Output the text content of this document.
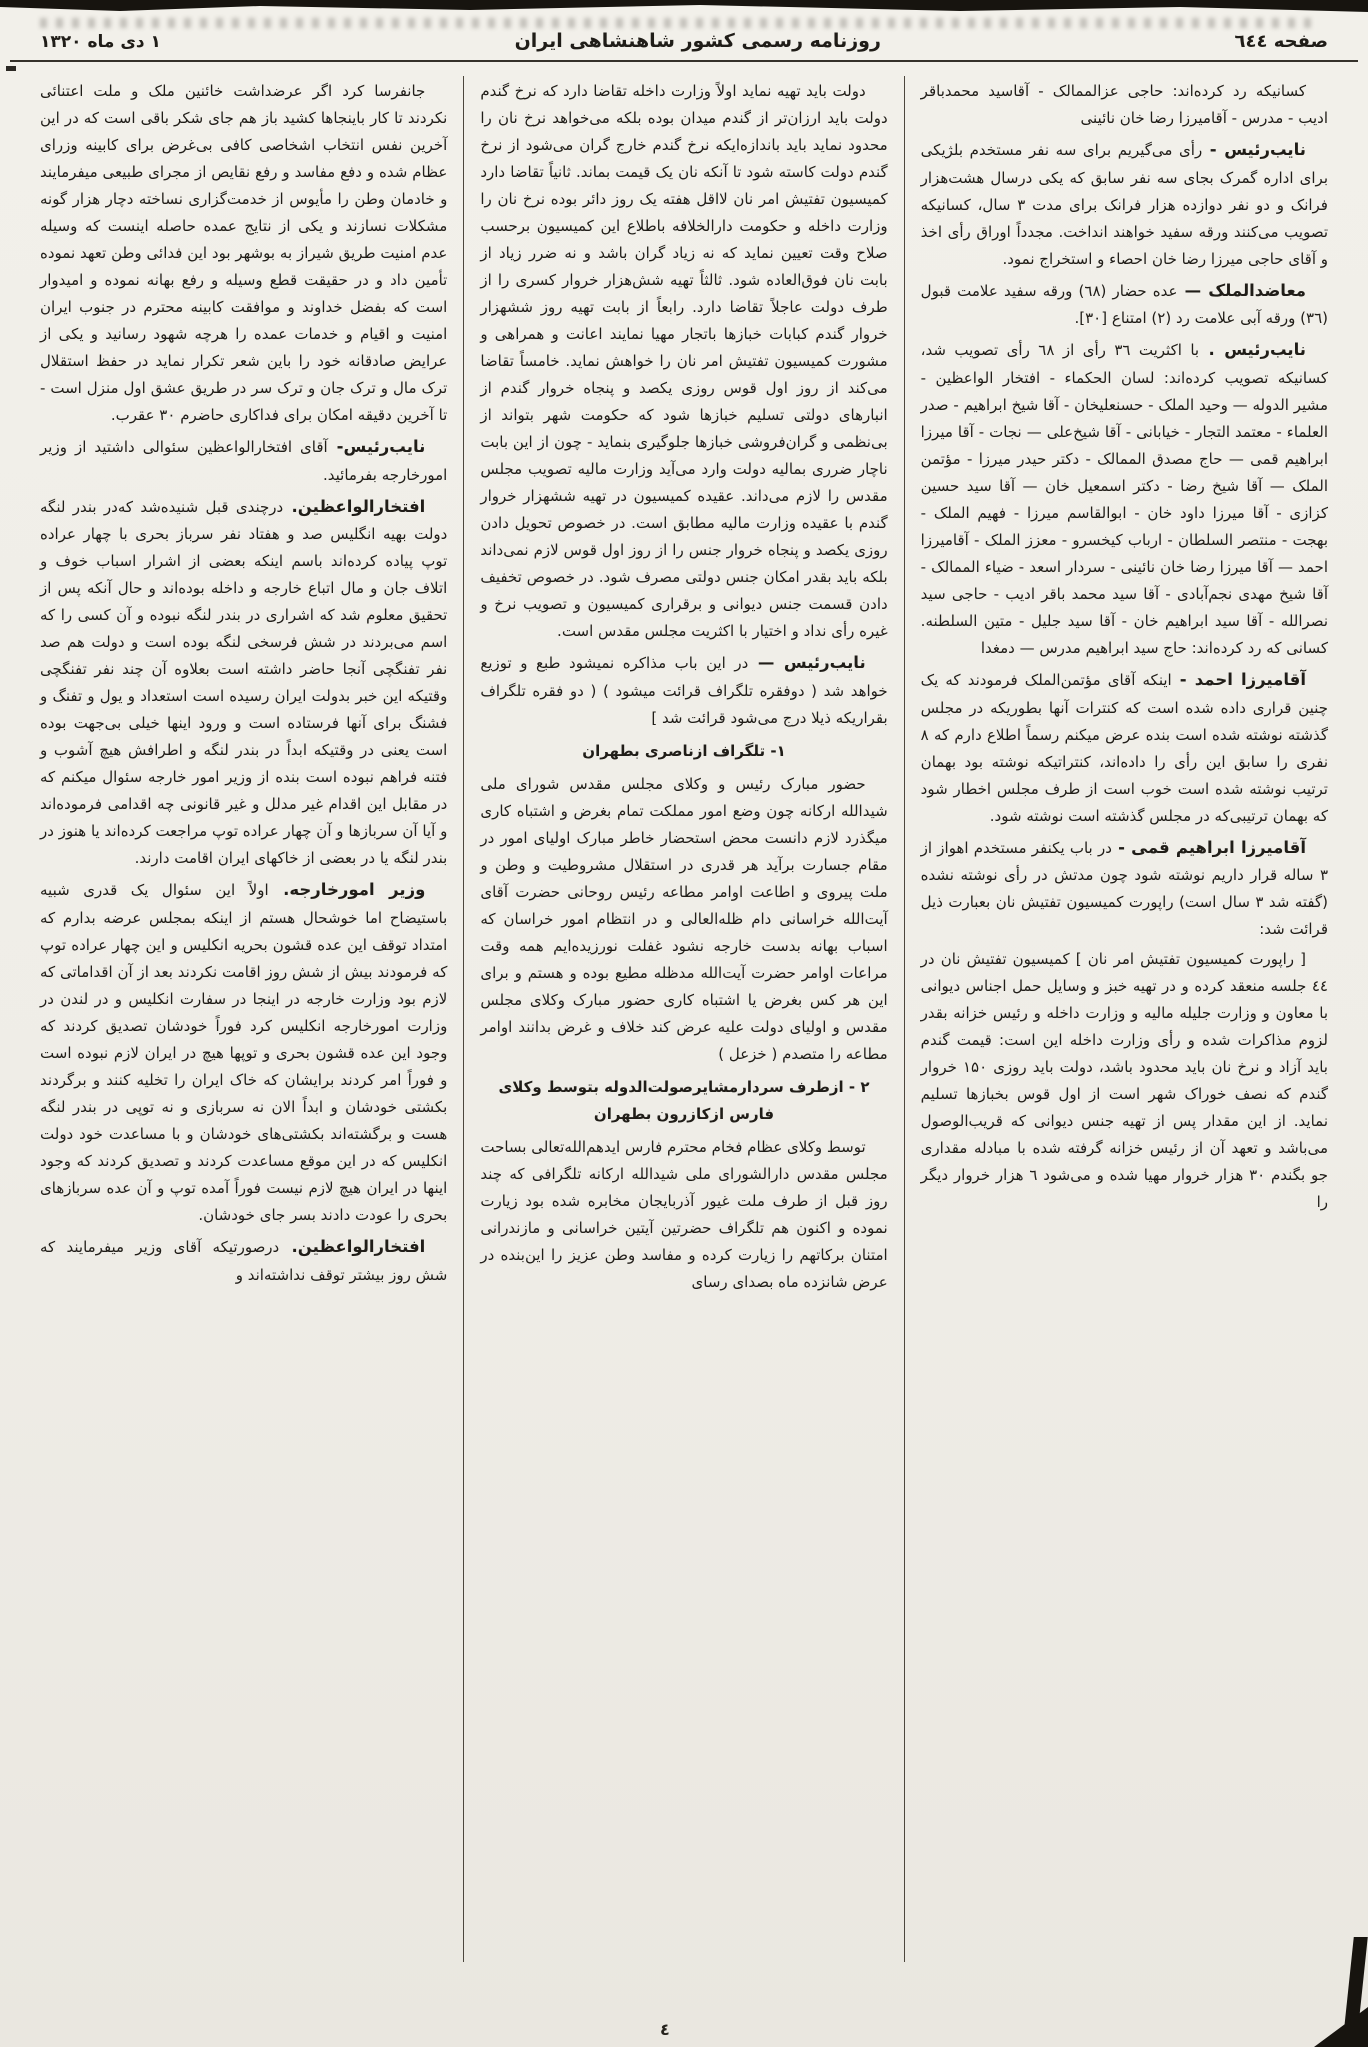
صفحه ٦٤٤
روزنامه رسمی کشور شاهنشاهی ایران
۱ دی ماه ۱۳۲۰

کسانیکه رد کرده‌اند: حاجی عزالممالک - آقاسید محمدباقر ادیب - مدرس - آقامیرزا رضا خان نائینی

نایب‌رئیس - رأی می‌گیریم برای سه نفر مستخدم بلژیکی برای اداره گمرک بجای سه نفر سابق که یکی درسال هشت‌هزار فرانک و دو نفر دوازده هزار فرانک برای مدت ۳ سال، کسانیکه تصویب می‌کنند ورقه سفید خواهند انداخت. مجدداً اوراق رأی اخذ و آقای حاجی میرزا رضا خان احصاء و استخراج نمود.

معاضدالملک — عده حضار (٦٨) ورقه سفید علامت قبول (٣٦) ورقه آبی علامت رد (٢) امتناع [۳۰].

نایب‌رئیس . با اکثریت ٣٦ رأی از ٦٨ رأی تصویب شد، کسانیکه تصویب کرده‌اند: لسان الحکماء - افتخار الواعظین - مشیر الدوله — وحید الملک - حسنعلیخان - آقا شیخ ابراهیم - صدر العلماء - معتمد التجار - خیابانی - آقا شیخ‌علی — نجات - آقا میرزا ابراهیم قمی — حاج مصدق الممالک - دکتر حیدر میرزا - مؤتمن الملک — آقا شیخ رضا - دکتر اسمعیل خان — آقا سید حسین کزازی - آقا میرزا داود خان - ابوالقاسم میرزا - فهیم الملک - بهجت - منتصر السلطان - ارباب کیخسرو - معزز الملک - آقامیرزا احمد — آقا میرزا رضا خان نائینی - سردار اسعد - ضیاء الممالک - آقا شیخ مهدی نجم‌آبادی - آقا سید محمد باقر ادیب - حاجی سید نصرالله - آقا سید ابراهیم خان - آقا سید جلیل - متین السلطنه. کسانی که رد کرده‌اند: حاج سید ابراهیم مدرس — دمغدا

آقامیرزا احمد - اینکه آقای مؤتمن‌الملک فرمودند که یک چنین قراری داده شده است که کنترات آنها بطوریکه در مجلس گذشته نوشته شده است بنده عرض میکنم رسماً اطلاع دارم که ۸ نفری را سابق این رأی را داده‌اند، کنتراتیکه نوشته بود بهمان ترتیب نوشته شده است خوب است از طرف مجلس اخطار شود که بهمان ترتیبی‌که در مجلس گذشته است نوشته شود.

آقامیرزا ابراهیم قمی - در باب یکنفر مستخدم اهواز از ۳ ساله قرار داریم نوشته شود چون مدتش در رأی نوشته نشده (گفته شد ۳ سال است) راپورت کمیسیون تفتیش نان بعبارت ذیل قرائت شد:

[ راپورت کمیسیون تفتیش امر نان ] کمیسیون تفتیش نان در ٤٤ جلسه منعقد کرده و در تهیه خبز و وسایل حمل اجناس دیوانی با معاون و وزارت جلیله مالیه و وزارت داخله و رئیس خزانه بقدر لزوم مذاکرات شده و رأی وزارت داخله این است: قیمت گندم باید آزاد و نرخ نان باید محدود باشد، دولت باید روزی ۱۵۰ خروار گندم که نصف خوراک شهر است از اول قوس بخبازها تسلیم نماید. از این مقدار پس از تهیه جنس دیوانی که قریب‌الوصول می‌باشد و تعهد آن از رئیس خزانه گرفته شده با مبادله مقداری جو بگندم ۳۰ هزار خروار مهیا شده و می‌شود ٦ هزار خروار دیگر را

دولت باید تهیه نماید اولاً وزارت داخله تقاضا دارد که نرخ گندم دولت باید ارزان‌تر از گندم میدان بوده بلکه می‌خواهد نرخ نان را محدود نماید باید باندازه‌ایکه نرخ گندم خارج گران می‌شود از نرخ گندم دولت کاسته شود تا آنکه نان یک قیمت بماند. ثانیاً تقاضا دارد کمیسیون تفتیش امر نان لااقل هفته یک روز دائر بوده نرخ نان را وزارت داخله و حکومت دارالخلافه باطلاع این کمیسیون برحسب صلاح وقت تعیین نماید که نه زیاد گران باشد و نه ضرر زیاد از بابت نان فوق‌العاده شود. ثالثاً تهیه شش‌هزار خروار کسری را از طرف دولت عاجلاً تقاضا دارد. رابعاً از بابت تهیه روز ششهزار خروار گندم کبابات خبازها باتجار مهیا نمایند اعانت و همراهی و مشورت کمیسیون تفتیش امر نان را خواهش نماید. خامساً تقاضا می‌کند از روز اول قوس روزی یکصد و پنجاه خروار گندم از انبارهای دولتی تسلیم خبازها شود که حکومت شهر بتواند از بی‌نظمی و گران‌فروشی خبازها جلوگیری بنماید - چون از این بابت ناچار ضرری بمالیه دولت وارد می‌آید وزارت مالیه تصویب مجلس مقدس را لازم می‌داند. عقیده کمیسیون در تهیه ششهزار خروار گندم با عقیده وزارت مالیه مطابق است. در خصوص تحویل دادن روزی یکصد و پنجاه خروار جنس را از روز اول قوس لازم نمی‌داند بلکه باید بقدر امکان جنس دولتی مصرف شود. در خصوص تخفیف دادن قسمت جنس دیوانی و برقراری کمیسیون و تصویب نرخ و غیره رأی نداد و اختیار با اکثریت مجلس مقدس است.

نایب‌رئیس — در این باب مذاکره نمیشود طبع و توزیع خواهد شد ( دوفقره تلگراف قرائت میشود ) ( دو فقره تلگراف بقراریکه ذیلا درج می‌شود قرائت شد ]

۱- تلگراف ازناصری بطهران

حضور مبارک رئیس و وکلای مجلس مقدس شورای ملی شیدالله ارکانه چون وضع امور مملکت تمام بغرض و اشتباه کاری میگذرد لازم دانست محض استحضار خاطر مبارک اولیای امور در مقام جسارت برآید هر قدری در استقلال مشروطیت و وطن و ملت پیروی و اطاعت اوامر مطاعه رئیس روحانی حضرت آقای آیت‌الله خراسانی دام ظله‌العالی و در انتظام امور خراسان که اسباب بهانه بدست خارجه نشود غفلت نورزیده‌ایم همه وقت مراعات اوامر حضرت آیت‌الله مدظله مطیع بوده و هستم و برای این هر کس بغرض یا اشتباه کاری حضور مبارک وکلای مجلس مقدس و اولیای دولت علیه عرض کند خلاف و غرض بدانند اوامر مطاعه را متصدم ( خزعل )

۲ - ازطرف سردارمشایرصولت‌الدوله بتوسط وکلای فارس ازکازرون بطهران

توسط وکلای عظام فخام محترم فارس ایدهم‌الله‌تعالی بساحت مجلس مقدس دارالشورای ملی شیدالله ارکانه تلگرافی که چند روز قبل از طرف ملت غیور آذربایجان مخابره شده بود زیارت نموده و اکنون هم تلگراف حضرتین آیتین خراسانی و مازندرانی امتنان برکاتهم را زیارت کرده و مفاسد وطن عزیز را این‌بنده در عرض شانزده ماه بصدای رسای

جانفرسا کرد اگر عرضداشت خائنین ملک و ملت اعتنائی نکردند تا کار باینجاها کشید باز هم جای شکر باقی است که در این آخرین نفس انتخاب اشخاصی کافی بی‌غرض برای کابینه وزرای عظام شده و دفع مفاسد و رفع نقایص از مجرای طبیعی میفرمایند و خادمان وطن را مأیوس از خدمت‌گزاری نساخته دچار هزار گونه مشکلات نسازند و یکی از نتایج عمده حاصله اینست که وسیله عدم امنیت طریق شیراز به بوشهر بود این فدائی وطن تعهد نموده تأمین داد و در حقیقت قطع وسیله و رفع بهانه نموده و امیدوار است که بفضل خداوند و موافقت کابینه محترم در جنوب ایران امنیت و اقیام و خدمات عمده را هرچه شهود رسانید و یکی از عرایض صادقانه خود را باین شعر تکرار نماید در حفظ استقلال ترک مال و ترک جان و ترک سر در طریق عشق اول منزل است - تا آخرین دقیقه امکان برای فداکاری حاضرم ۳۰ عقرب.

نایب‌رئیس- آقای افتخارالواعظین سئوالی داشتید از وزیر امورخارجه بفرمائید.

افتخارالواعظین. درچندی قبل شنیده‌شد که‌در بندر لنگه دولت بهیه انگلیس صد و هفتاد نفر سرباز بحری با چهار عراده توپ پیاده کرده‌اند باسم اینکه بعضی از اشرار اسباب خوف و اتلاف جان و مال اتباع خارجه و داخله بوده‌اند و حال آنکه پس از تحقیق معلوم شد که اشراری در بندر لنگه نبوده و آن کسی را که اسم می‌بردند در شش فرسخی لنگه بوده است و دولت هم صد نفر تفنگچی آنجا حاضر داشته است بعلاوه آن چند نفر تفنگچی وقتیکه این خبر بدولت ایران رسیده است استعداد و یول و تفنگ و فشنگ برای آنها فرستاده است و ورود اینها خیلی بی‌جهت بوده است یعنی در وقتیکه ابداً در بندر لنگه و اطرافش هیچ آشوب و فتنه فراهم نبوده است بنده از وزیر امور خارجه سئوال میکنم که در مقابل این اقدام غیر مدلل و غیر قانونی چه اقدامی فرموده‌اند و آیا آن سربازها و آن چهار عراده توپ مراجعت کرده‌اند یا هنوز در بندر لنگه یا در بعضی از خاکهای ایران اقامت دارند.

وزیر امورخارجه. اولاً این سئوال یک قدری شبیه باستیضاح اما خوشحال هستم از اینکه بمجلس عرضه بدارم که امتداد توقف این عده قشون بحریه انکلیس و این چهار عراده توپ که فرمودند بیش از شش روز اقامت نکردند بعد از آن اقداماتی که لازم بود وزارت خارجه در اینجا در سفارت انکلیس و در لندن در وزارت امورخارجه انکلیس کرد فوراً خودشان تصدیق کردند که وجود این عده قشون بحری و توپها هیچ در ایران لازم نبوده است و فوراً امر کردند برایشان که خاک ایران را تخلیه کنند و برگردند بکشتی خودشان و ابداً الان نه سربازی و نه توپی در بندر لنگه هست و برگشته‌اند بکشتی‌های خودشان و با مساعدت خود دولت انکلیس که در این موقع مساعدت کردند و تصدیق کردند که وجود اینها در ایران هیچ لازم نیست فوراً آمده توپ و آن عده سربازهای بحری را عودت دادند بسر جای خودشان.

افتخارالواعظین. درصورتیکه آقای وزیر میفرمایند که شش روز بیشتر توقف نداشته‌اند و

٤
